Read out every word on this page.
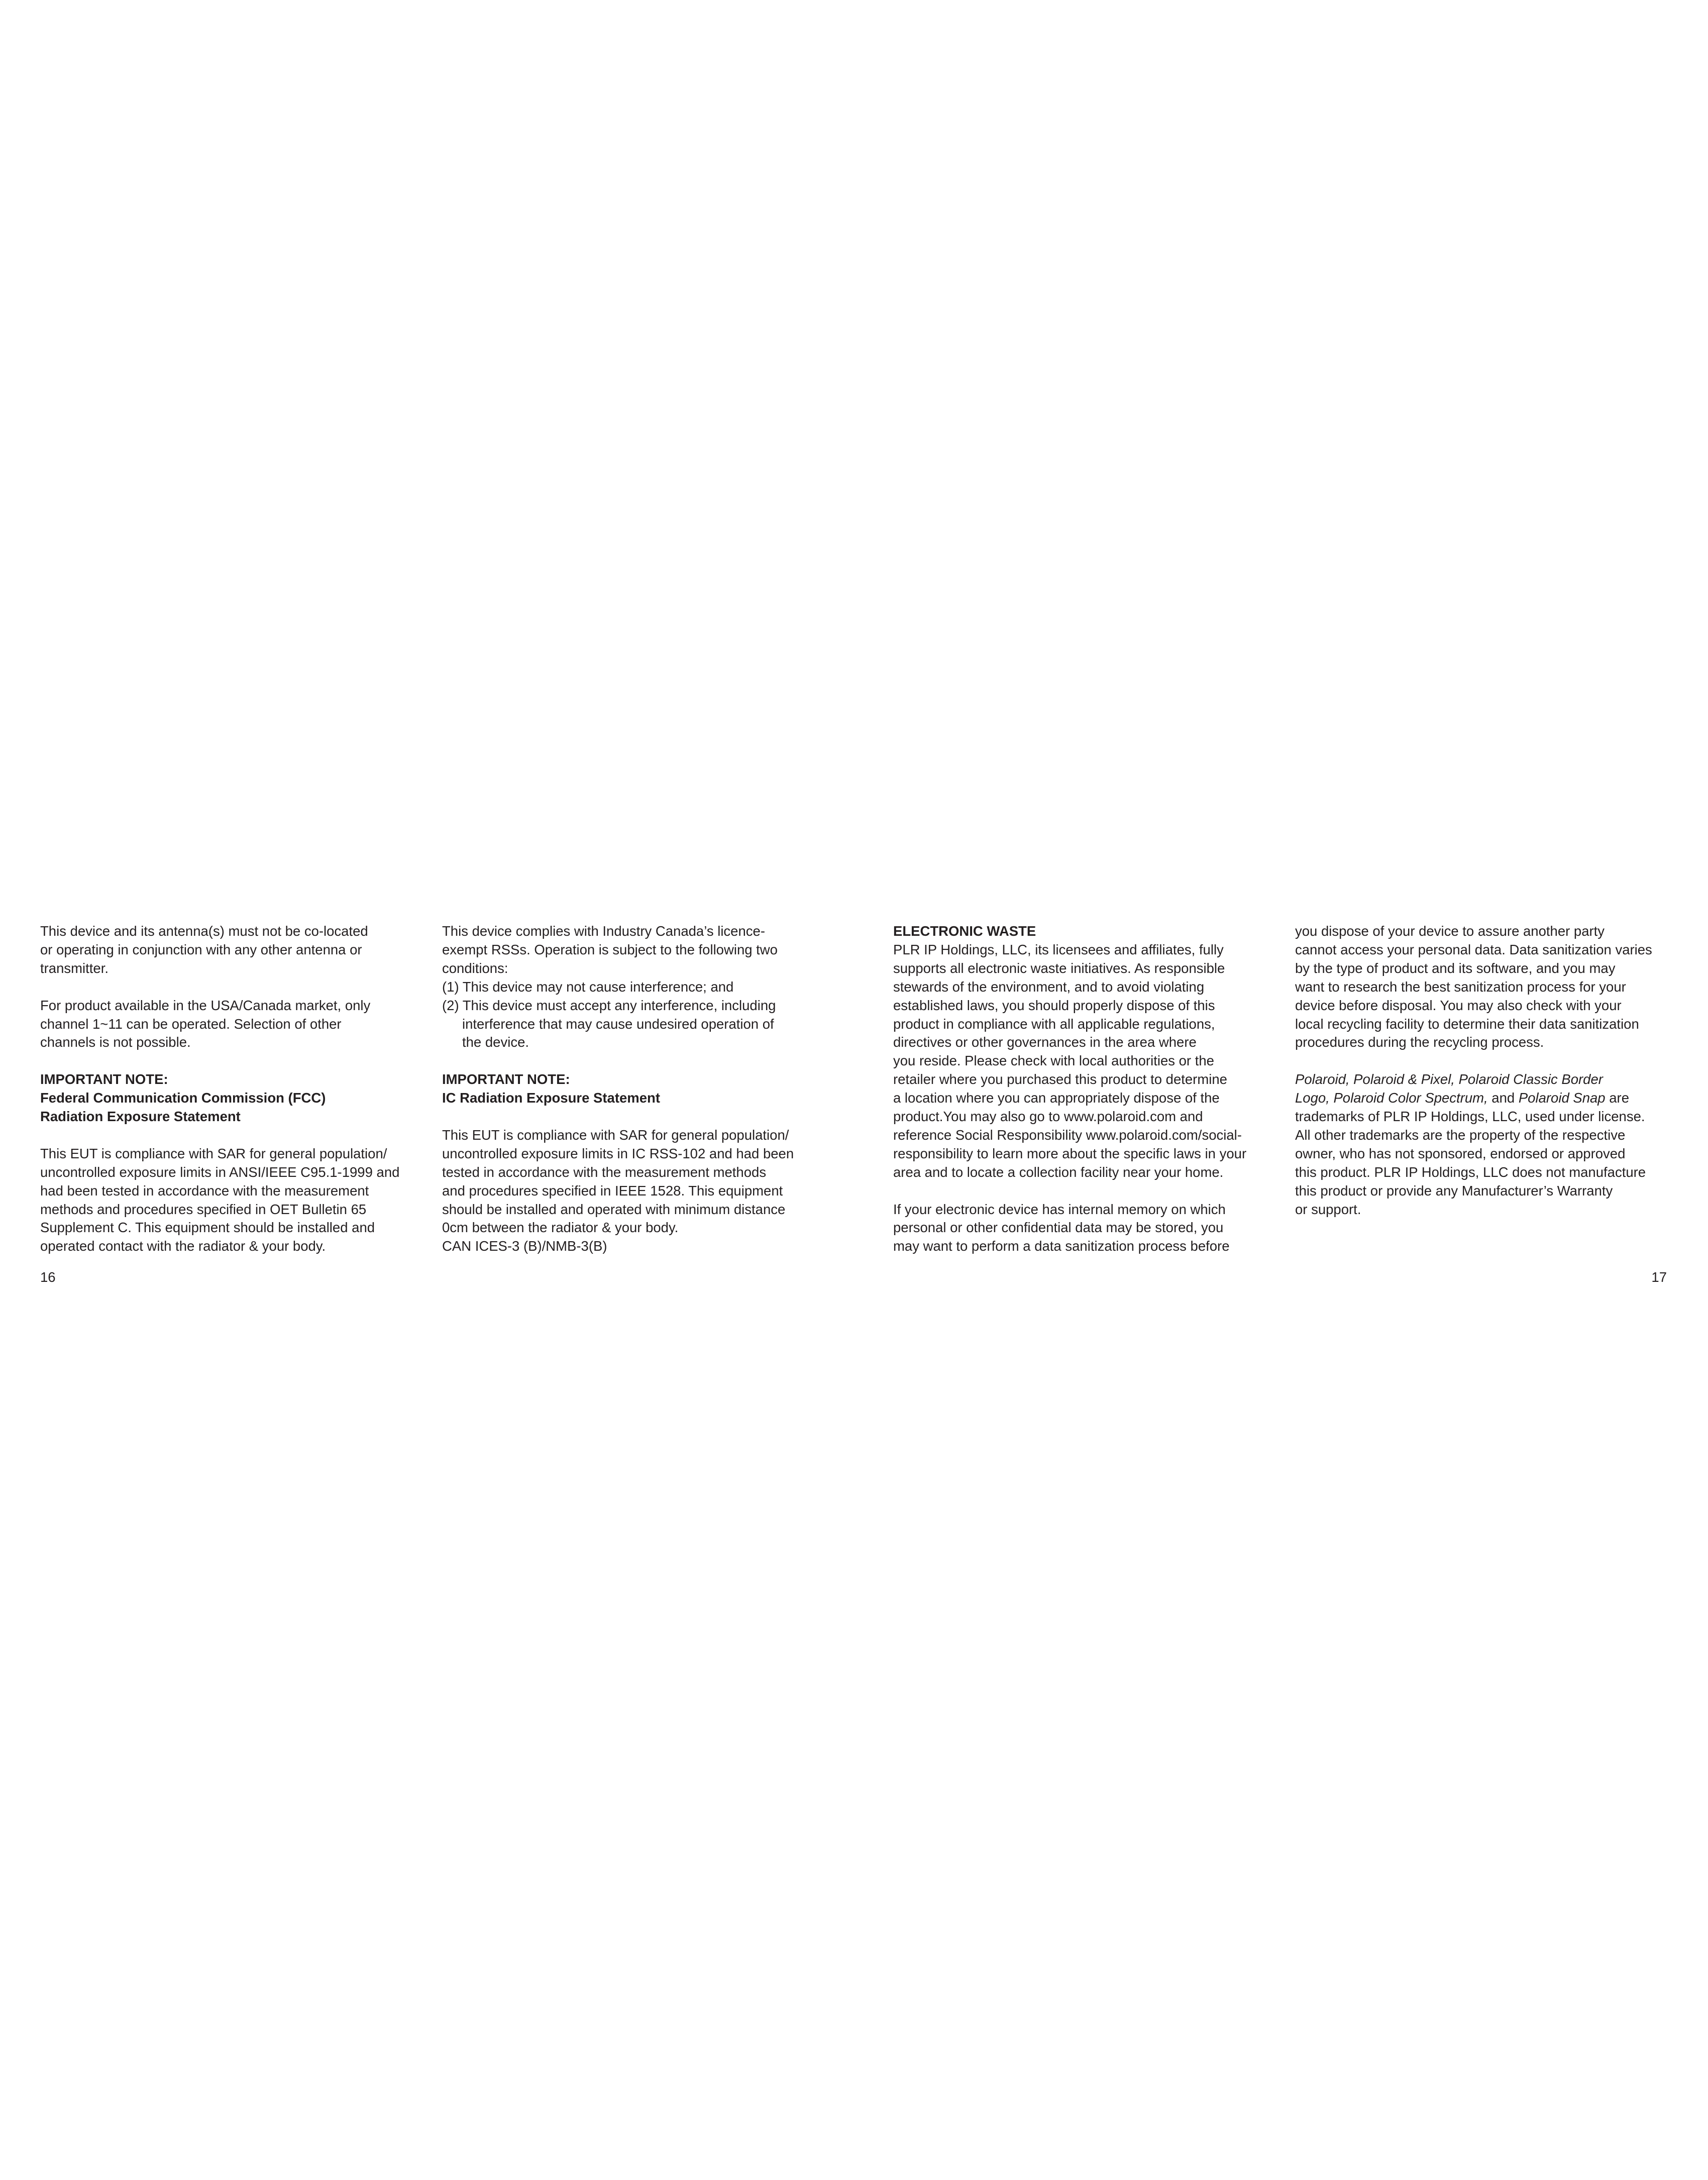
This device and its antenna(s) must not be co-located
or operating in conjunction with any other antenna or
transmitter.

For product available in the USA/Canada market, only
channel 1~11 can be operated. Selection of other
channels is not possible.

IMPORTANT NOTE:

Federal Communication Commission (FCC)
Radiation Exposure Statement

This EUT is compliance with SAR for general population/
uncontrolled exposure limits in ANSI/IEEE C95.1-1999 and
had been tested in accordance with the measurement
methods and procedures specified in OET Bulletin 65
Supplement C. This equipment should be installed and
operated contact with the radiator & your body.

This device complies with Industry Canada’s licence-
exempt RSSs. Operation is subject to the following two
conditions:

(1) This device may not cause interference; and

(2) This device must accept any interference, including
interference that may cause undesired operation of
the device.

IMPORTANT NOTE:

IC Radiation Exposure Statement

This EUT is compliance with SAR for general population/
uncontrolled exposure limits in IC RSS-102 and had been
tested in accordance with the measurement methods
and procedures specified in IEEE 1528. This equipment
should be installed and operated with minimum distance
0cm between the radiator & your body.

CAN ICES-3 (B)/NMB-3(B)

16

ELECTRONIC WASTE

PLR IP Holdings, LLC, its licensees and affiliates, fully
supports all electronic waste initiatives. As responsible
stewards of the environment, and to avoid violating
established laws, you should properly dispose of this
product in compliance with all applicable regulations,
directives or other governances in the area where
you reside. Please check with local authorities or the
retailer where you purchased this product to determine
a location where you can appropriately dispose of the
product.You may also go to www.polaroid.com and
reference Social Responsibility www.polaroid.com/social-
responsibility to learn more about the specific laws in your
area and to locate a collection facility near your home.

If your electronic device has internal memory on which
personal or other confidential data may be stored, you
may want to perform a data sanitization process before

you dispose of your device to assure another party
cannot access your personal data. Data sanitization varies
by the type of product and its software, and you may
want to research the best sanitization process for your
device before disposal. You may also check with your
local recycling facility to determine their data sanitization
procedures during the recycling process.

Polaroid, Polaroid & Pixel, Polaroid Classic Border
Logo, Polaroid Color Spectrum, and Polaroid Snap are
trademarks of PLR IP Holdings, LLC, used under license.
All other trademarks are the property of the respective
owner, who has not sponsored, endorsed or approved
this product. PLR IP Holdings, LLC does not manufacture
this product or provide any Manufacturer’s Warranty
or support.

17
